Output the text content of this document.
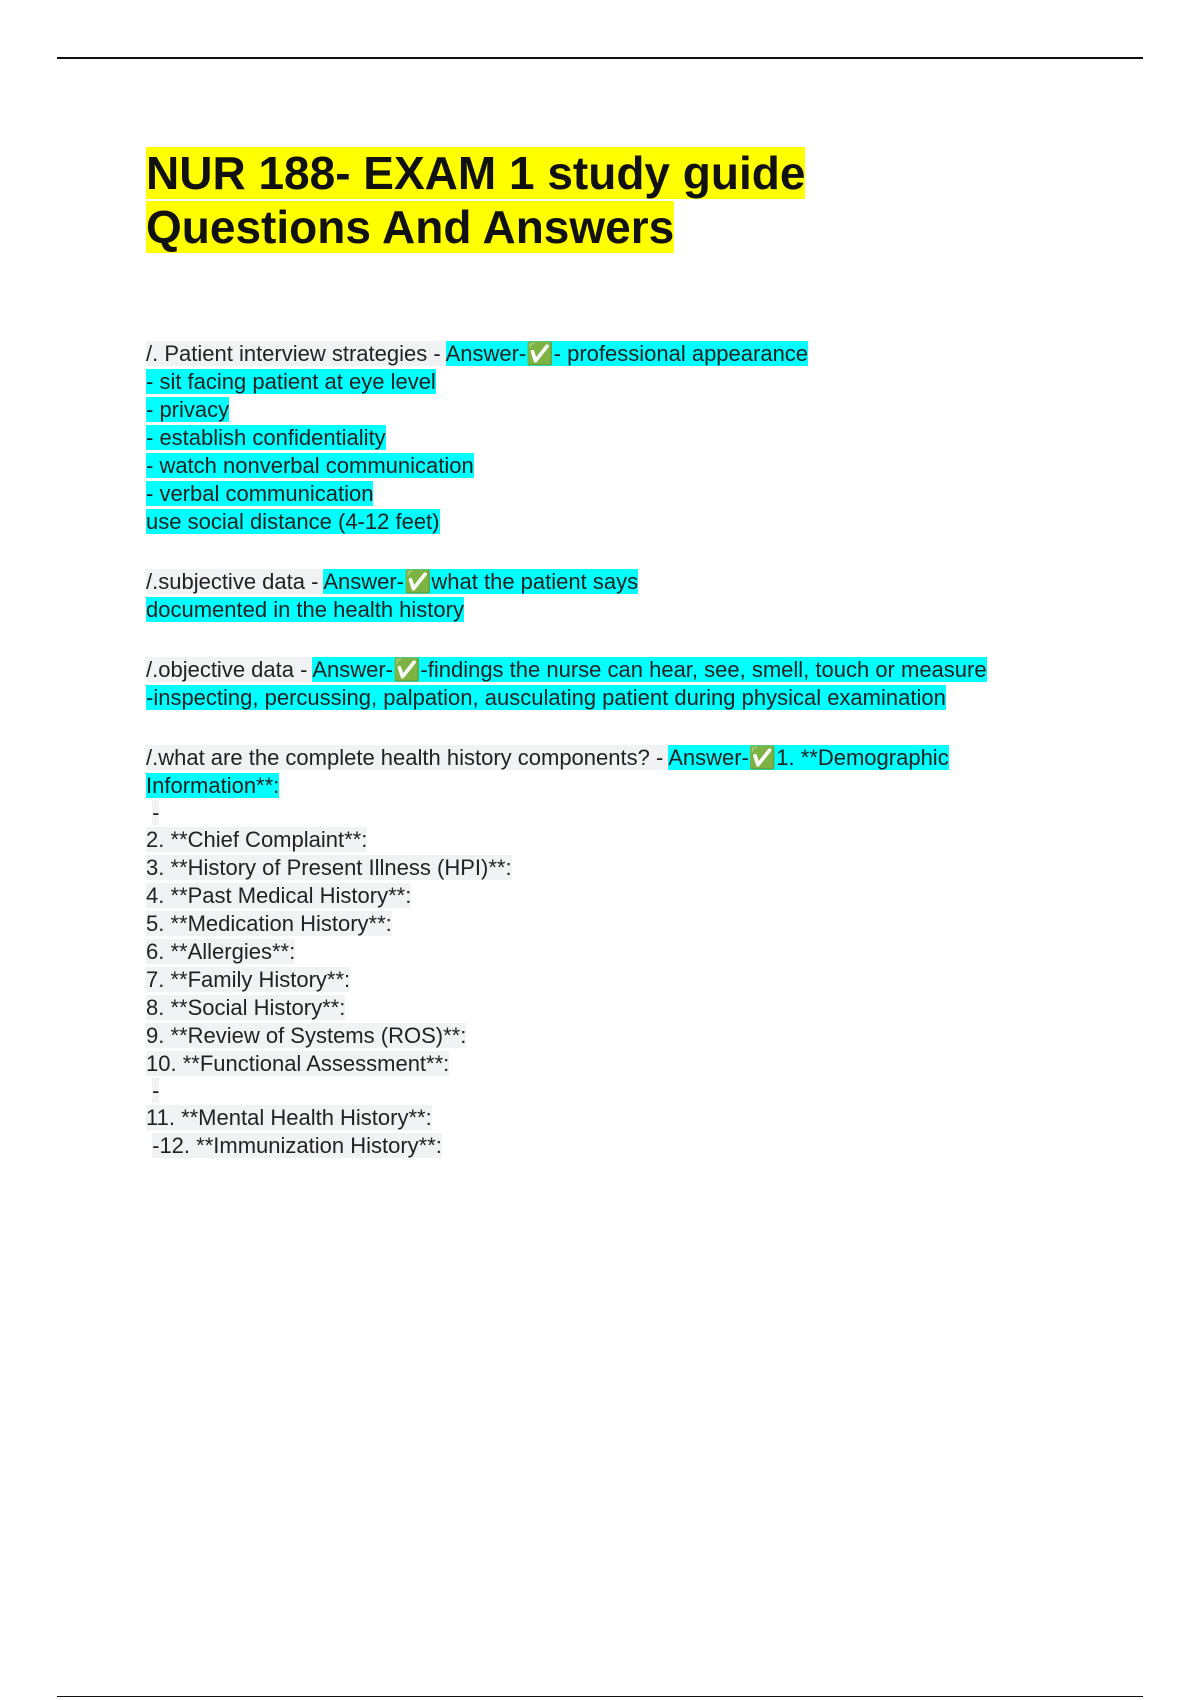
NUR 188- EXAM 1 study guide
Questions And Answers

/. Patient interview strategies - Answer-✅- professional appearance

- sit facing patient at eye level

- privacy

- establish confidentiality

- watch nonverbal communication

- verbal communication

use social distance (4-12 feet)

/.subjective data - Answer-✅what the patient says

documented in the health history

/.objective data - Answer-✅-findings the nurse can hear, see, smell, touch or measure

-inspecting, percussing, palpation, ausculating patient during physical examination

/.what are the complete health history components? - Answer-✅1. **Demographic

Information**:

-

2. **Chief Complaint**:

3. **History of Present Illness (HPI)**:

4. **Past Medical History**:

5. **Medication History**:

6. **Allergies**:

7. **Family History**:

8. **Social History**:

9. **Review of Systems (ROS)**:

10. **Functional Assessment**:

-

11. **Mental Health History**:

-12. **Immunization History**:
